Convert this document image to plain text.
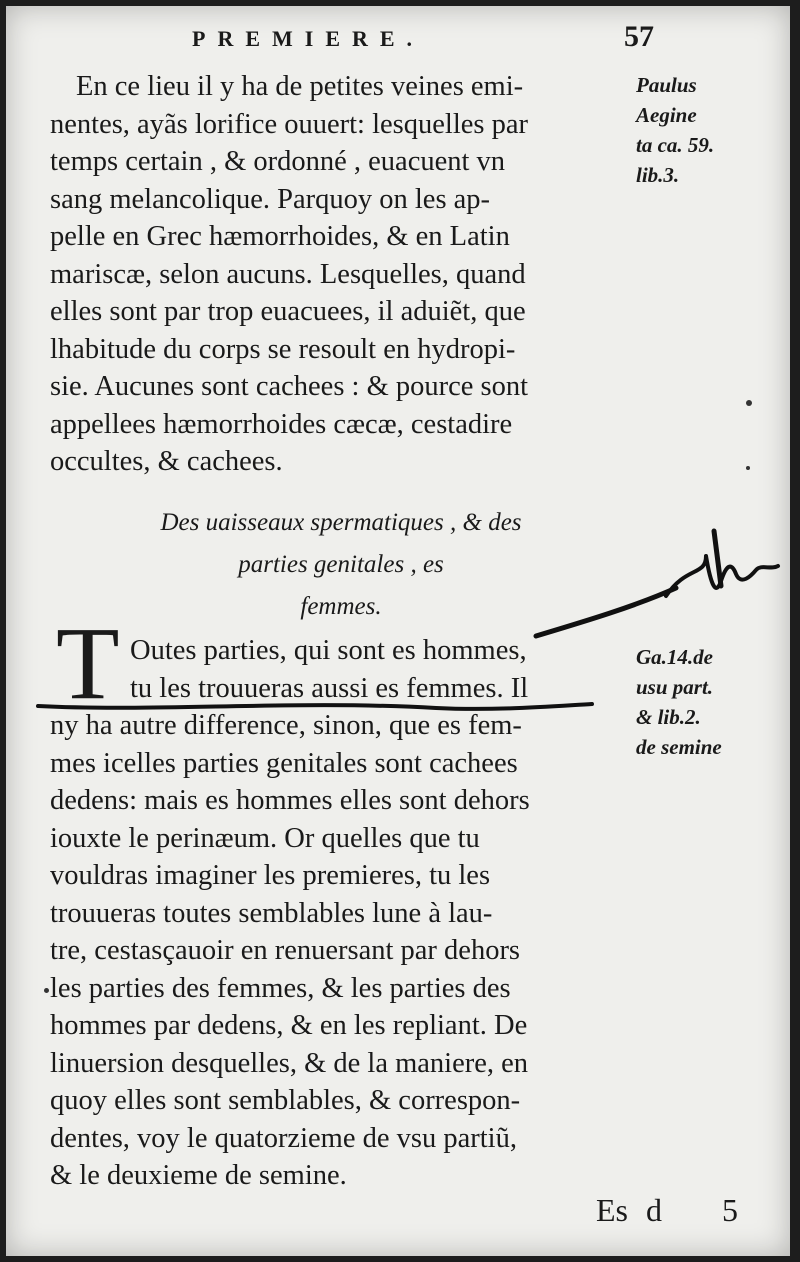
PREMIERE.	57
Paulus
Aegine
ta ca. 59.
lib.3.
En ce lieu il y ha de petites veines emi-
nentes, ayãs lorifice ouuert: lesquelles par
temps certain , & ordonné , euacuent vn
sang melancolique. Parquoy on les ap-
pelle en Grec hæmorrhoides, & en Latin
mariscæ, selon aucuns. Lesquelles, quand
elles sont par trop euacuees, il aduiẽt, que
lhabitude du corps se resoult en hydropi-
sie. Aucunes sont cachees : & pource sont
appellees hæmorrhoides cæcæ, cestadire
occultes, & cachees.
Des uaisseaux spermatiques , & des
parties genitales , es
femmes.
T	Ga.14.de
usu part.
& lib.2.
de semine
Outes parties, qui sont es hommes,
tu les trouueras aussi es femmes. Il
ny ha autre difference, sinon, que es fem-
mes icelles parties genitales sont cachees
dedens: mais es hommes elles sont dehors
iouxte le perinæum. Or quelles que tu
vouldras imaginer les premieres, tu les
trouueras toutes semblables lune à lau-
tre, cestasçauoir en renuersant par dehors
les parties des femmes, & les parties des
hommes par dedens, & en les repliant. De
linuersion desquelles, & de la maniere, en
quoy elles sont semblables, & correspon-
dentes, voy le quatorzieme de vsu partiũ,
& le deuxieme de semine.
d 5
Es
